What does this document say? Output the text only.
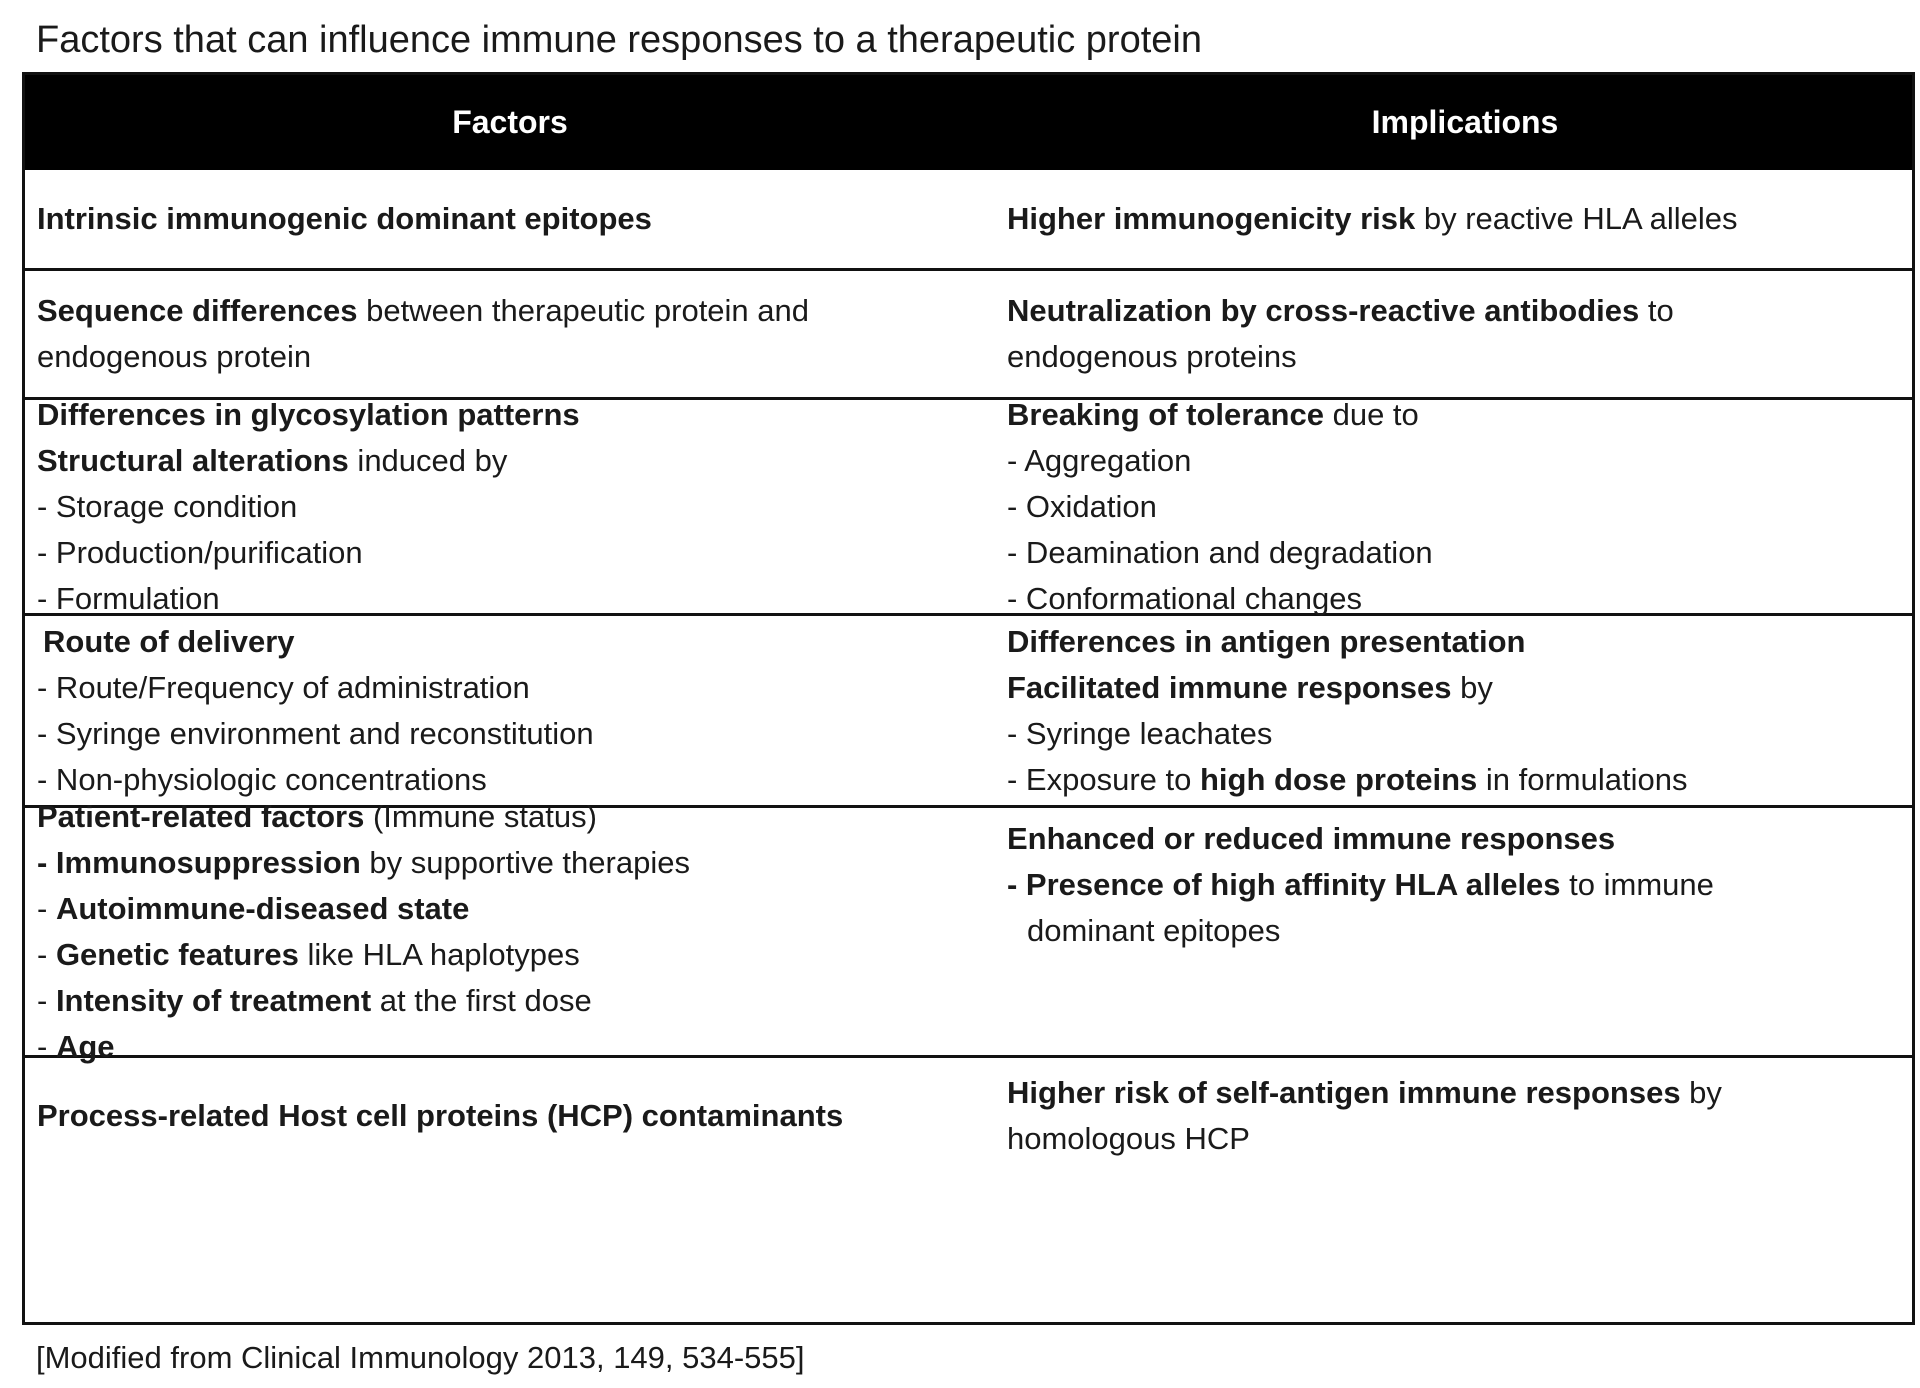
Factors that can influence immune responses to a therapeutic protein
Factors	Implications
Intrinsic immunogenic dominant epitopes	Higher immunogenicity risk by reactive HLA alleles
Sequence differences between therapeutic protein and
endogenous protein
Neutralization by cross-reactive antibodies to
endogenous proteins
Differences in glycosylation patterns
Structural alterations induced by
- Storage condition
- Production/purification
- Formulation
Breaking of tolerance due to
- Aggregation
- Oxidation
- Deamination and degradation
- Conformational changes
Route of delivery
- Route/Frequency of administration
- Syringe environment and reconstitution
- Non-physiologic concentrations
Differences in antigen presentation
Facilitated immune responses by
- Syringe leachates
- Exposure to high dose proteins in formulations
Patient-related factors (Immune status)
- Immunosuppression by supportive therapies
- Autoimmune-diseased state
- Genetic features like HLA haplotypes
- Intensity of treatment at the first dose
- Age
Enhanced or reduced immune responses
- Presence of high affinity HLA alleles to immune
dominant epitopes
Process-related Host cell proteins (HCP) contaminants
Higher risk of self-antigen immune responses by
homologous HCP
[Modified from Clinical Immunology 2013, 149, 534-555]
